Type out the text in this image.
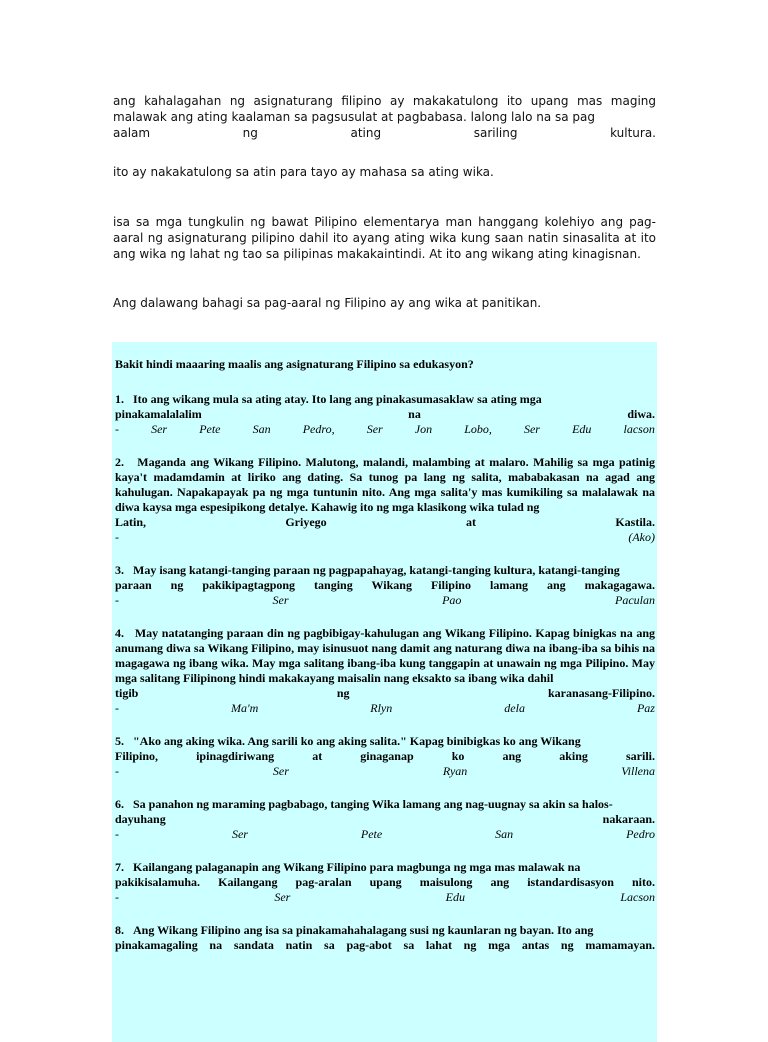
ang kahalagahan ng asignaturang filipino ay makakatulong ito upang mas maging malawak ang ating kaalaman sa pagsusulat at pagbabasa. lalong lalo na sa pag
aalam ng ating sariling kultura.

ito ay nakakatulong sa atin para tayo ay mahasa sa ating wika.

isa sa mga tungkulin ng bawat Pilipino elementarya man hanggang kolehiyo ang pag-aaral ng asignaturang pilipino dahil ito ayang ating wika kung saan natin sinasalita at ito ang wika ng lahat ng tao sa pilipinas makakaintindi. At ito ang wikang ating kinagisnan.

Ang dalawang bahagi sa pag-aaral ng Filipino ay ang wika at panitikan.

Bakit hindi maaaring maalis ang asignaturang Filipino sa edukasyon?
1. Ito ang wikang mula sa ating atay. Ito lang ang pinakasumasaklaw sa ating mga
pinakamalalalim na diwa.
-	Ser	Pete	San	Pedro,	Ser	Jon	Lobo,	Ser	Edu	lacson
2. Maganda ang Wikang Filipino. Malutong, malandi, malambing at malaro. Mahilig sa mga patinig kaya't madamdamin at liriko ang dating. Sa tunog pa lang ng salita, mababakasan na agad ang kahulugan. Napakapayak pa ng mga tuntunin nito. Ang mga salita'y mas kumikiling sa malalawak na diwa kaysa mga espesipikong detalye. Kahawig ito ng mga klasikong wika tulad ng
Latin, Griyego at Kastila.
-	(Ako)
3. May isang katangi-tanging paraan ng pagpapahayag, katangi-tanging kultura, katangi-tanging
paraan ng pakikipagtagpong tanging Wikang Filipino lamang ang makagagawa.
-	Ser	Pao	Paculan
4. May natatanging paraan din ng pagbibigay-kahulugan ang Wikang Filipino. Kapag binigkas na ang anumang diwa sa Wikang Filipino, may isinusuot nang damit ang naturang diwa na ibang-iba sa bihis na magagawa ng ibang wika. May mga salitang ibang-iba kung tanggapin at unawain ng mga Pilipino. May mga salitang Filipinong hindi makakayang maisalin nang eksakto sa ibang wika dahil
tigib ng karanasang-Filipino.
-	Ma'm	Rlyn	dela	Paz
5. "Ako ang aking wika. Ang sarili ko ang aking salita." Kapag binibigkas ko ang Wikang
Filipino, ipinagdiriwang at ginaganap ko ang aking sarili.
-	Ser	Ryan	Villena
6. Sa panahon ng maraming pagbabago, tanging Wika lamang ang nag-uugnay sa akin sa halos-
dayuhang nakaraan.
-	Ser	Pete	San	Pedro
7. Kailangang palaganapin ang Wikang Filipino para magbunga ng mga mas malawak na
pakikisalamuha. Kailangang pag-aralan upang maisulong ang istandardisasyon nito.
-	Ser	Edu	Lacson
8. Ang Wikang Filipino ang isa sa pinakamahahalagang susi ng kaunlaran ng bayan. Ito ang
pinakamagaling na sandata natin sa pag-abot sa lahat ng mga antas ng mamamayan.
